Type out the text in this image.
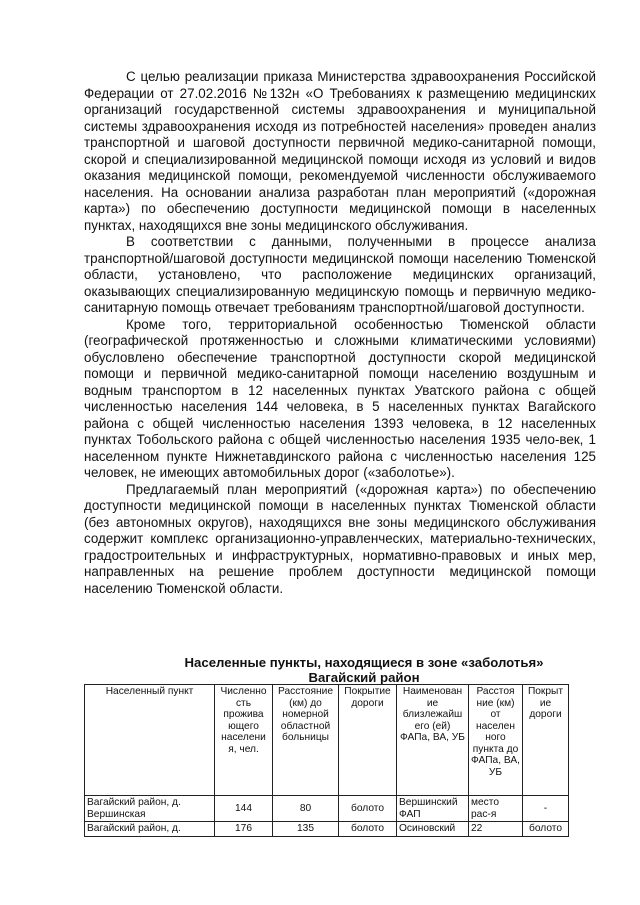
С целью реализации приказа Министерства здравоохранения Российской Федерации от 27.02.2016 №132н «О Требованиях к размещению медицинских организаций государственной системы здравоохранения и муниципальной системы здравоохранения исходя из потребностей населения» проведен анализ транспортной и шаговой доступности первичной медико-санитарной помощи, скорой и специализированной медицинской помощи исходя из условий и видов оказания медицинской помощи, рекомендуемой численности обслуживаемого населения. На основании анализа разработан план мероприятий («дорожная карта») по обеспечению доступности медицинской помощи в населенных пунктах, находящихся вне зоны медицинского обслуживания.

В соответствии с данными, полученными в процессе анализа транспортной/шаговой доступности медицинской помощи населению Тюменской области, установлено, что расположение медицинских организаций, оказывающих специализированную медицинскую помощь и первичную медико-санитарную помощь отвечает требованиям транспортной/шаговой доступности.

Кроме того, территориальной особенностью Тюменской области (географической протяженностью и сложными климатическими условиями) обусловлено обеспечение транспортной доступности скорой медицинской помощи и первичной медико-санитарной помощи населению воздушным и водным транспортом в 12 населенных пунктах Уватского района с общей численностью населения 144 человека, в 5 населенных пунктах Вагайского района с общей численностью населения 1393 человека, в 12 населенных пунктах Тобольского района с общей численностью населения 1935 чело-век, 1 населенном пункте Нижнетавдинского района с численностью населения 125 человек, не имеющих автомобильных дорог («заболотье»).

Предлагаемый план мероприятий («дорожная карта») по обеспечению доступности медицинской помощи в населенных пунктах Тюменской области (без автономных округов), находящихся вне зоны медицинского обслуживания содержит комплекс организационно-управленческих, материально-технических, градостроительных и инфраструктурных, нормативно-правовых и иных мер, направленных на решение проблем доступности медицинской помощи населению Тюменской области.

Населенные пункты, находящиеся в зоне «заболотья»
Вагайский район
Населенный пункт	Численно сть прожива ющего населени я, чел.	Расстояние (км) до номерной областной больницы	Покрытие дороги	Наименован ие близлежайш его (ей) ФАПа, ВА, УБ	Расстоя ние (км) от населен ного пункта до ФАПа, ВА, УБ	Покрыт ие дороги
Вагайский район, д. Вершинская	144	80	болото	Вершинский ФАП	место рас-я	-
Вагайский район, д.	176	135	болото	Осиновский	22	болото
